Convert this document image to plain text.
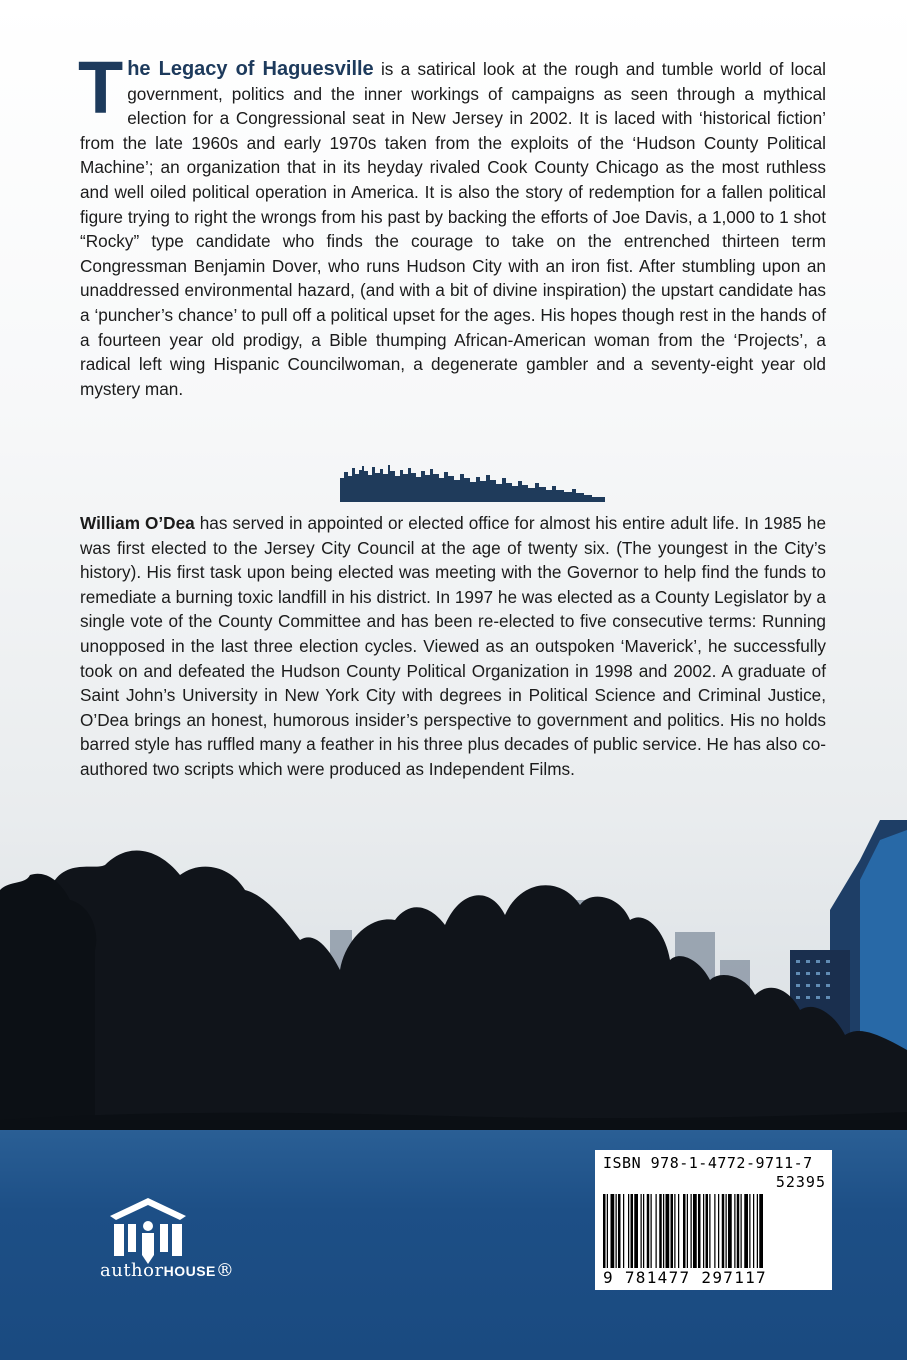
The Legacy of Haguesville is a satirical look at the rough and tumble world of local government, politics and the inner workings of campaigns as seen through a mythical election for a Congressional seat in New Jersey in 2002. It is laced with ‘historical fiction’ from the late 1960s and early 1970s taken from the exploits of the ‘Hudson County Political Machine’; an organization that in its heyday rivaled Cook County Chicago as the most ruthless and well oiled political operation in America. It is also the story of redemption for a fallen political figure trying to right the wrongs from his past by backing the efforts of Joe Davis, a 1,000 to 1 shot “Rocky” type candidate who finds the courage to take on the entrenched thirteen term Congressman Benjamin Dover, who runs Hudson City with an iron fist. After stumbling upon an unaddressed environmental hazard, (and with a bit of divine inspiration) the upstart candidate has a ‘puncher’s chance’ to pull off a political upset for the ages. His hopes though rest in the hands of a fourteen year old prodigy, a Bible thumping African-American woman from the ‘Projects’, a radical left wing Hispanic Councilwoman, a degenerate gambler and a seventy-eight year old mystery man.

William O’Dea has served in appointed or elected office for almost his entire adult life. In 1985 he was first elected to the Jersey City Council at the age of twenty six. (The youngest in the City’s history). His first task upon being elected was meeting with the Governor to help find the funds to remediate a burning toxic landfill in his district. In 1997 he was elected as a County Legislator by a single vote of the County Committee and has been re-elected to five consecutive terms: Running unopposed in the last three election cycles. Viewed as an outspoken ‘Maverick’, he successfully took on and defeated the Hudson County Political Organization in 1998 and 2002. A graduate of Saint John’s University in New York City with degrees in Political Science and Criminal Justice, O’Dea brings an honest, humorous insider’s perspective to government and politics. His no holds barred style has ruffled many a feather in his three plus decades of public service. He has also co-authored two scripts which were produced as Independent Films.

authorHOUSE®
ISBN 978-1-4772-9711-7
52395
9 781477 297117
